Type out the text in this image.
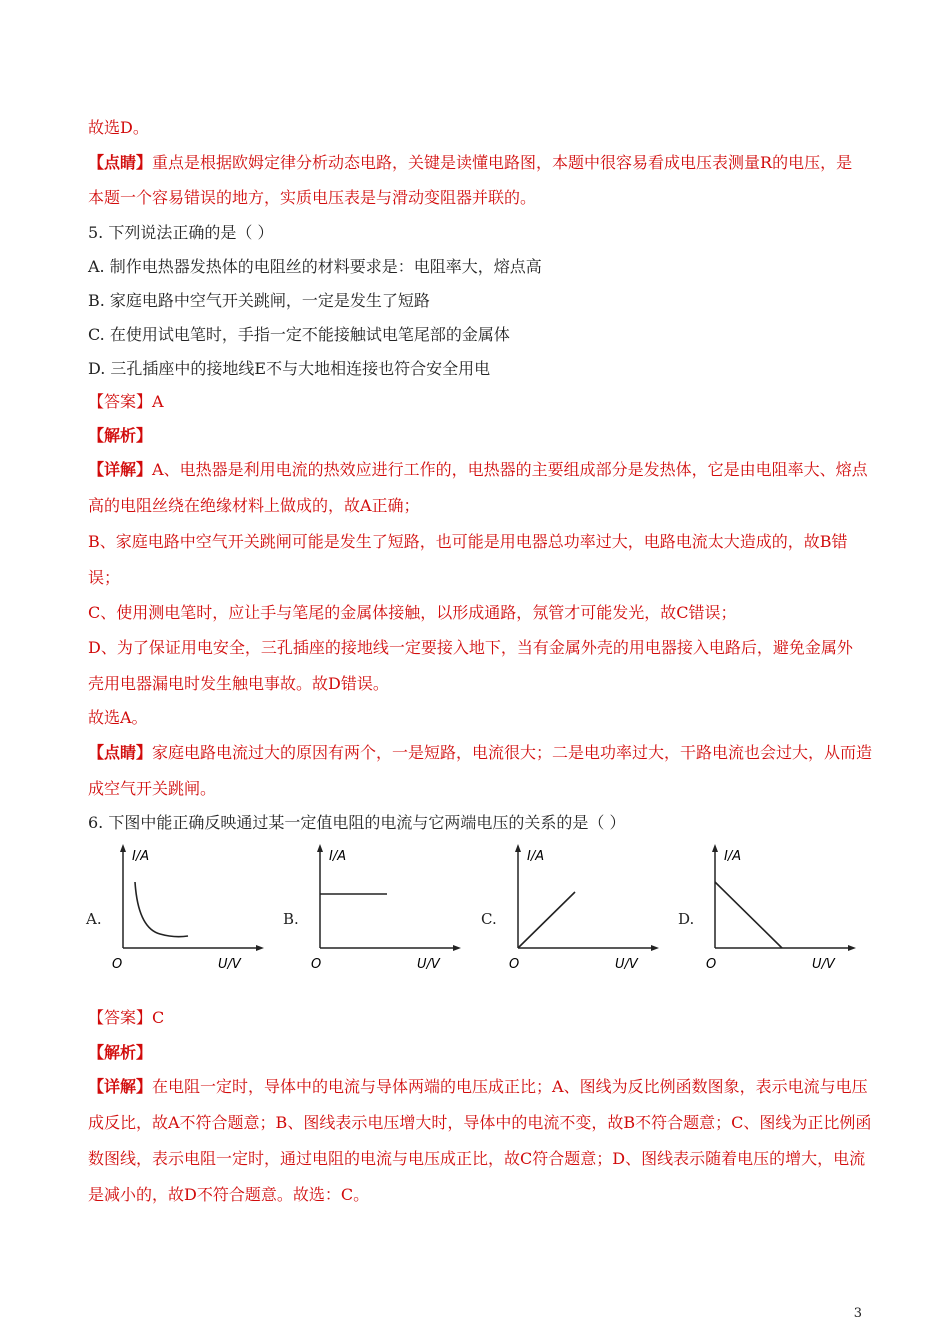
故选D。
【点睛】重点是根据欧姆定律分析动态电路，关键是读懂电路图，本题中很容易看成电压表测量R的电压，是
本题一个容易错误的地方，实质电压表是与滑动变阻器并联的。
5. 下列说法正确的是（ ）
A. 制作电热器发热体的电阻丝的材料要求是：电阻率大，熔点高
B. 家庭电路中空气开关跳闸，一定是发生了短路
C. 在使用试电笔时，手指一定不能接触试电笔尾部的金属体
D. 三孔插座中的接地线E不与大地相连接也符合安全用电
【答案】A
【解析】
【详解】A、电热器是利用电流的热效应进行工作的，电热器的主要组成部分是发热体，它是由电阻率大、熔点
高的电阻丝绕在绝缘材料上做成的，故A正确；
B、家庭电路中空气开关跳闸可能是发生了短路，也可能是用电器总功率过大，电路电流太大造成的，故B错
误；
C、使用测电笔时，应让手与笔尾的金属体接触，以形成通路，氖管才可能发光，故C错误；
D、为了保证用电安全，三孔插座的接地线一定要接入地下，当有金属外壳的用电器接入电路后，避免金属外
壳用电器漏电时发生触电事故。故D错误。
故选A。
【点睛】家庭电路电流过大的原因有两个，一是短路，电流很大；二是电功率过大，干路电流也会过大，从而造
成空气开关跳闸。
6. 下图中能正确反映通过某一定值电阻的电流与它两端电压的关系的是（ ）
A.
I/A
O	U/V
B.
I/A
O	U/V
C.
I/A
O	U/V
D.
I/A
O	U/V
【答案】C
【解析】
【详解】在电阻一定时，导体中的电流与导体两端的电压成正比；A、图线为反比例函数图象，表示电流与电压
成反比，故A不符合题意；B、图线表示电压增大时，导体中的电流不变，故B不符合题意；C、图线为正比例函
数图线，表示电阻一定时，通过电阻的电流与电压成正比，故C符合题意；D、图线表示随着电压的增大，电流
是减小的，故D不符合题意。故选：C。
3
